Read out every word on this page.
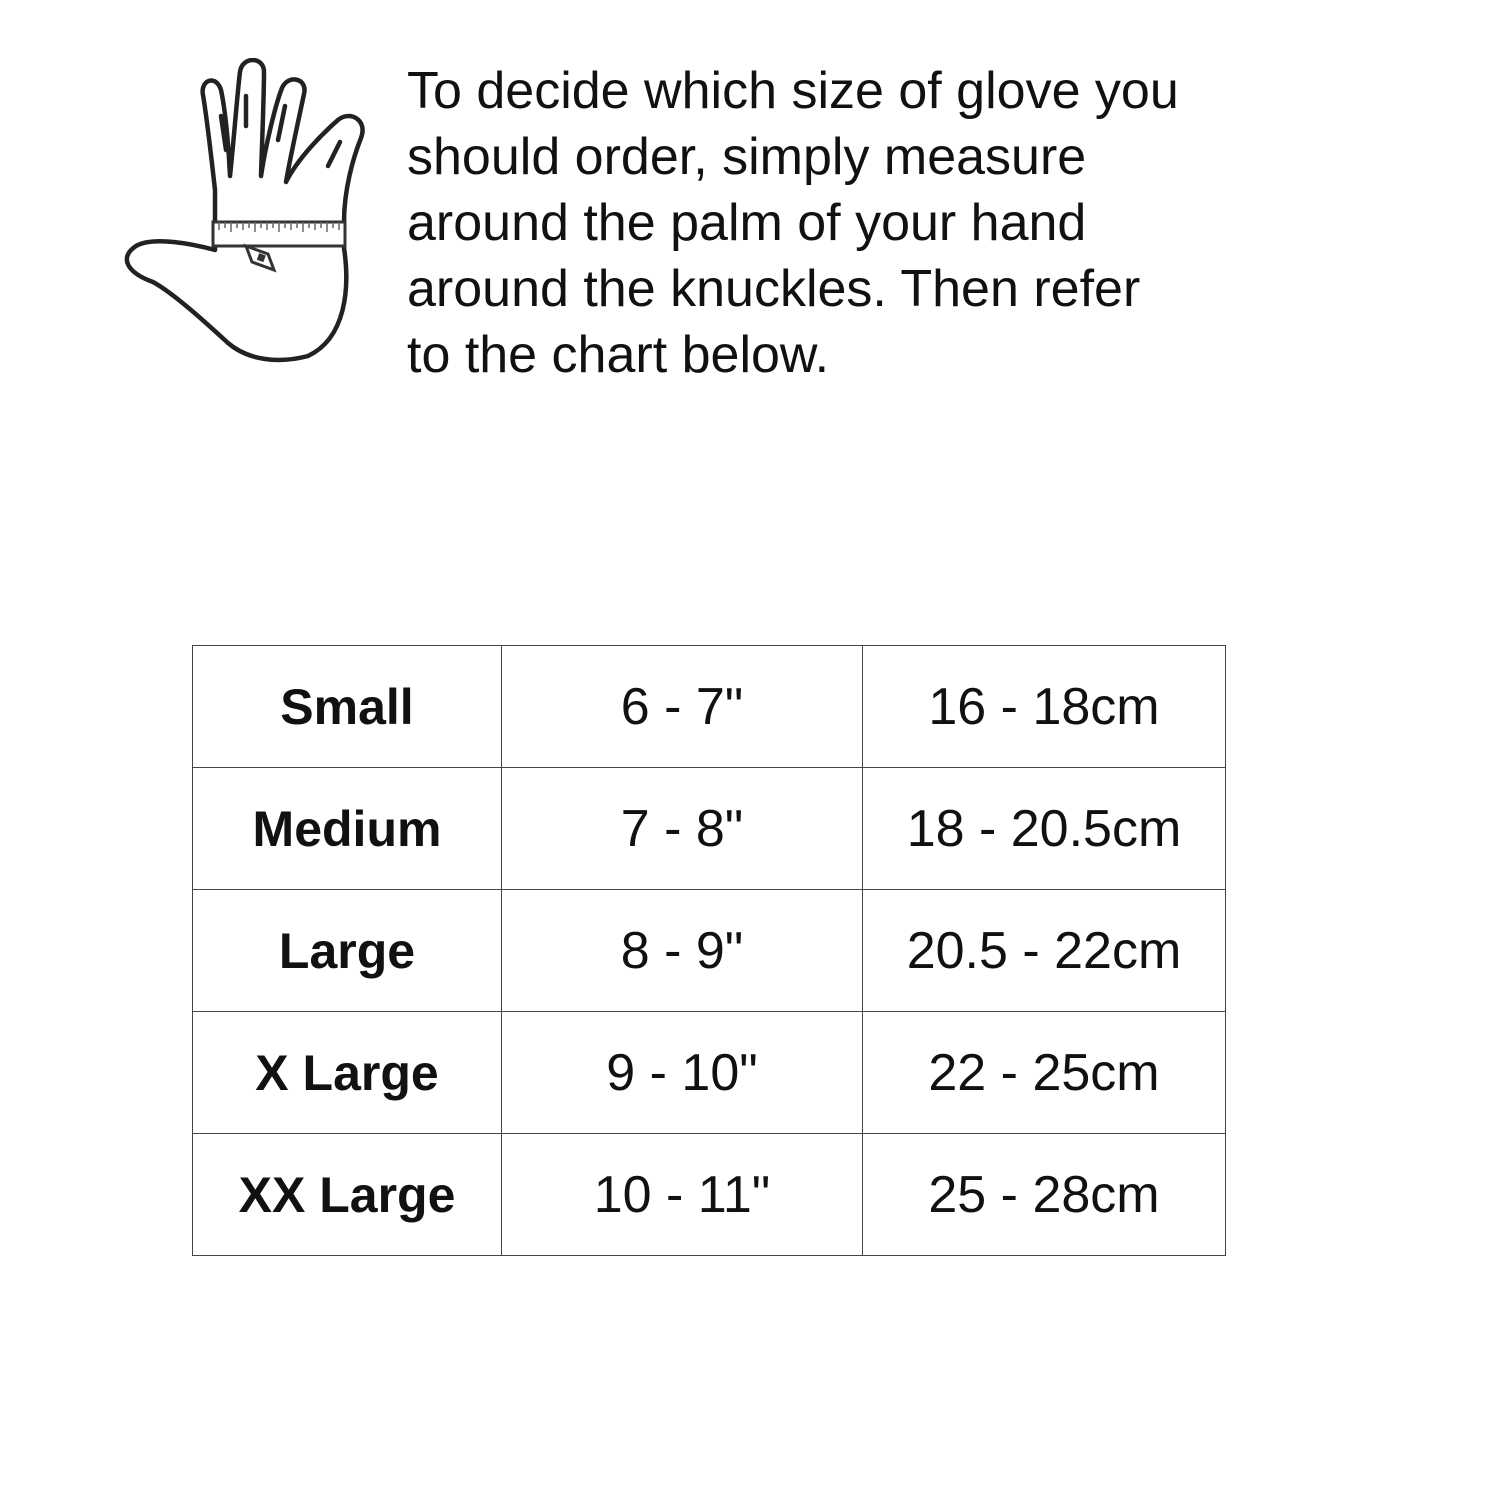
To decide which size of glove you
should order, simply measure
around the palm of your hand
around the knuckles. Then refer
to the chart below.

Small	6 - 7"	16 - 18cm
Medium	7 - 8"	18 - 20.5cm
Large	8 - 9"	20.5 - 22cm
X Large	9 - 10"	22 - 25cm
XX Large	10 - 11"	25 - 28cm
